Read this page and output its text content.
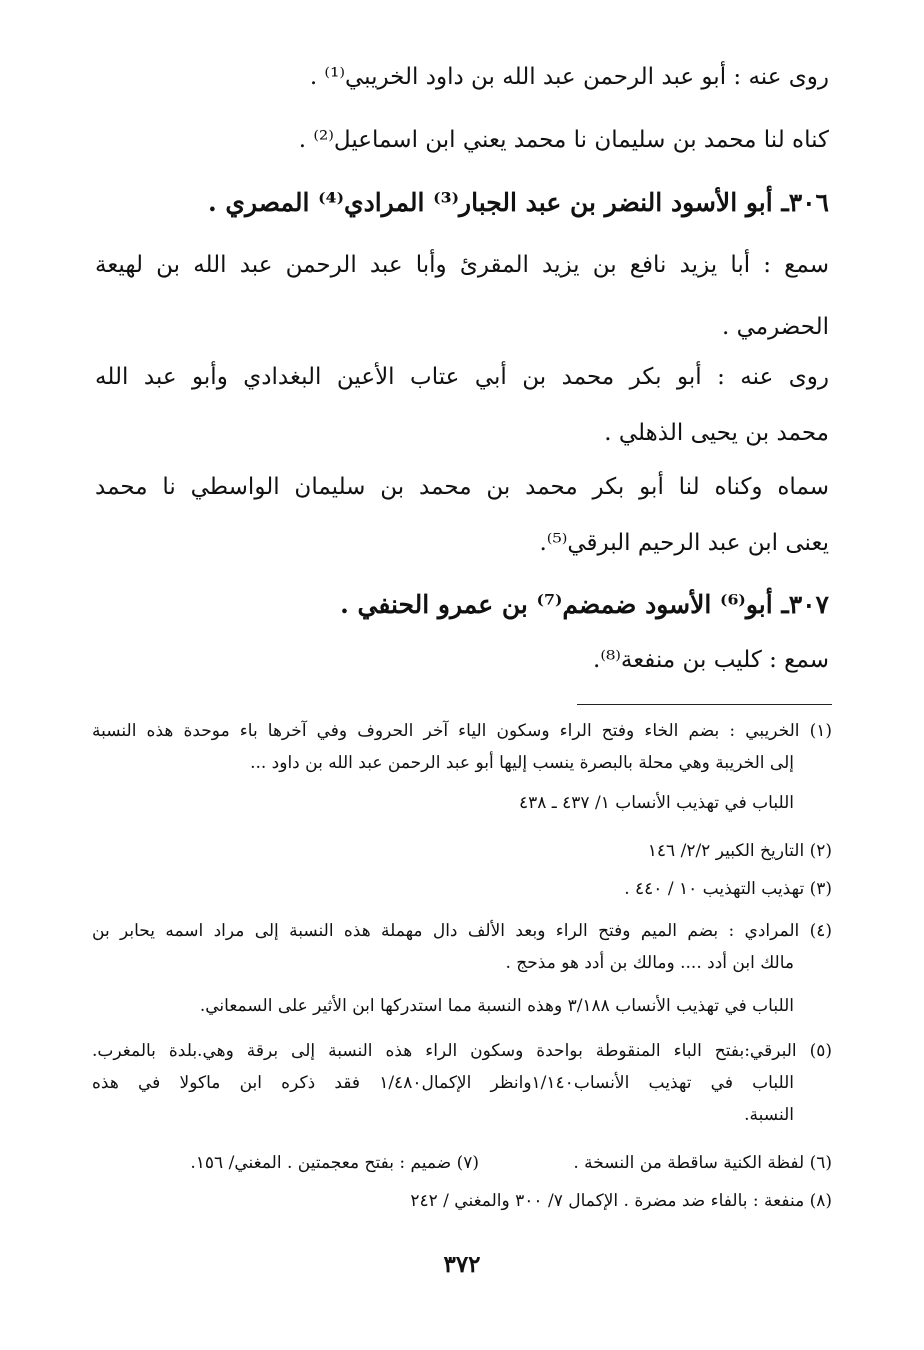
روى عنه : أبو عبد الرحمن عبد الله بن داود الخريبي⁽¹⁾ .
كناه لنا محمد بن سليمان نا محمد يعني ابن اسماعيل⁽²⁾ .
٣٠٦ـ أبو الأسود النضر بن عبد الجبار⁽³⁾ المرادي⁽⁴⁾ المصري .
سمع : أبا يزيد نافع بن يزيد المقرئ وأبا عبد الرحمن عبد الله بن لهيعة
الحضرمي .
روى عنه : أبو بكر محمد بن أبي عتاب الأعين البغدادي وأبو عبد الله
محمد بن يحيى الذهلي .
سماه وكناه لنا أبو بكر محمد بن محمد بن سليمان الواسطي نا محمد
يعنى ابن عبد الرحيم البرقي⁽⁵⁾.
٣٠٧ـ أبو⁽⁶⁾ الأسود ضمضم⁽⁷⁾ بن عمرو الحنفي .
سمع : كليب بن منفعة⁽⁸⁾.
(١) الخريبي : بضم الخاء وفتح الراء وسكون الياء آخر الحروف وفي آخرها باء موحدة هذه النسبة
إلى الخريبة وهي محلة بالبصرة ينسب إليها أبو عبد الرحمن عبد الله بن داود ...
اللباب في تهذيب الأنساب ١/ ٤٣٧ ـ ٤٣٨
(٢) التاريخ الكبير ٢/٢/ ١٤٦
(٣) تهذيب التهذيب ١٠ / ٤٤٠ .
(٤) المرادي : بضم الميم وفتح الراء وبعد الألف دال مهملة هذه النسبة إلى مراد اسمه يحابر بن
مالك ابن أدد .... ومالك بن أدد هو مذحج .
اللباب في تهذيب الأنساب ٣/١٨٨ وهذه النسبة مما استدركها ابن الأثير على السمعاني.
(٥) البرقي:بفتح الباء المنقوطة بواحدة وسكون الراء هذه النسبة إلى برقة وهي.بلدة بالمغرب.
اللباب في تهذيب الأنساب١/١٤٠وانظر الإكمال١/٤٨٠ فقد ذكره ابن ماكولا في هذه
النسبة.
(٦) لفظة الكنية ساقطة من النسخة .
(٧) ضميم : بفتح معجمتين . المغني/ ١٥٦.
(٨) منفعة : بالفاء ضد مضرة . الإكمال ٧/ ٣٠٠ والمغني / ٢٤٢
٣٧٢
